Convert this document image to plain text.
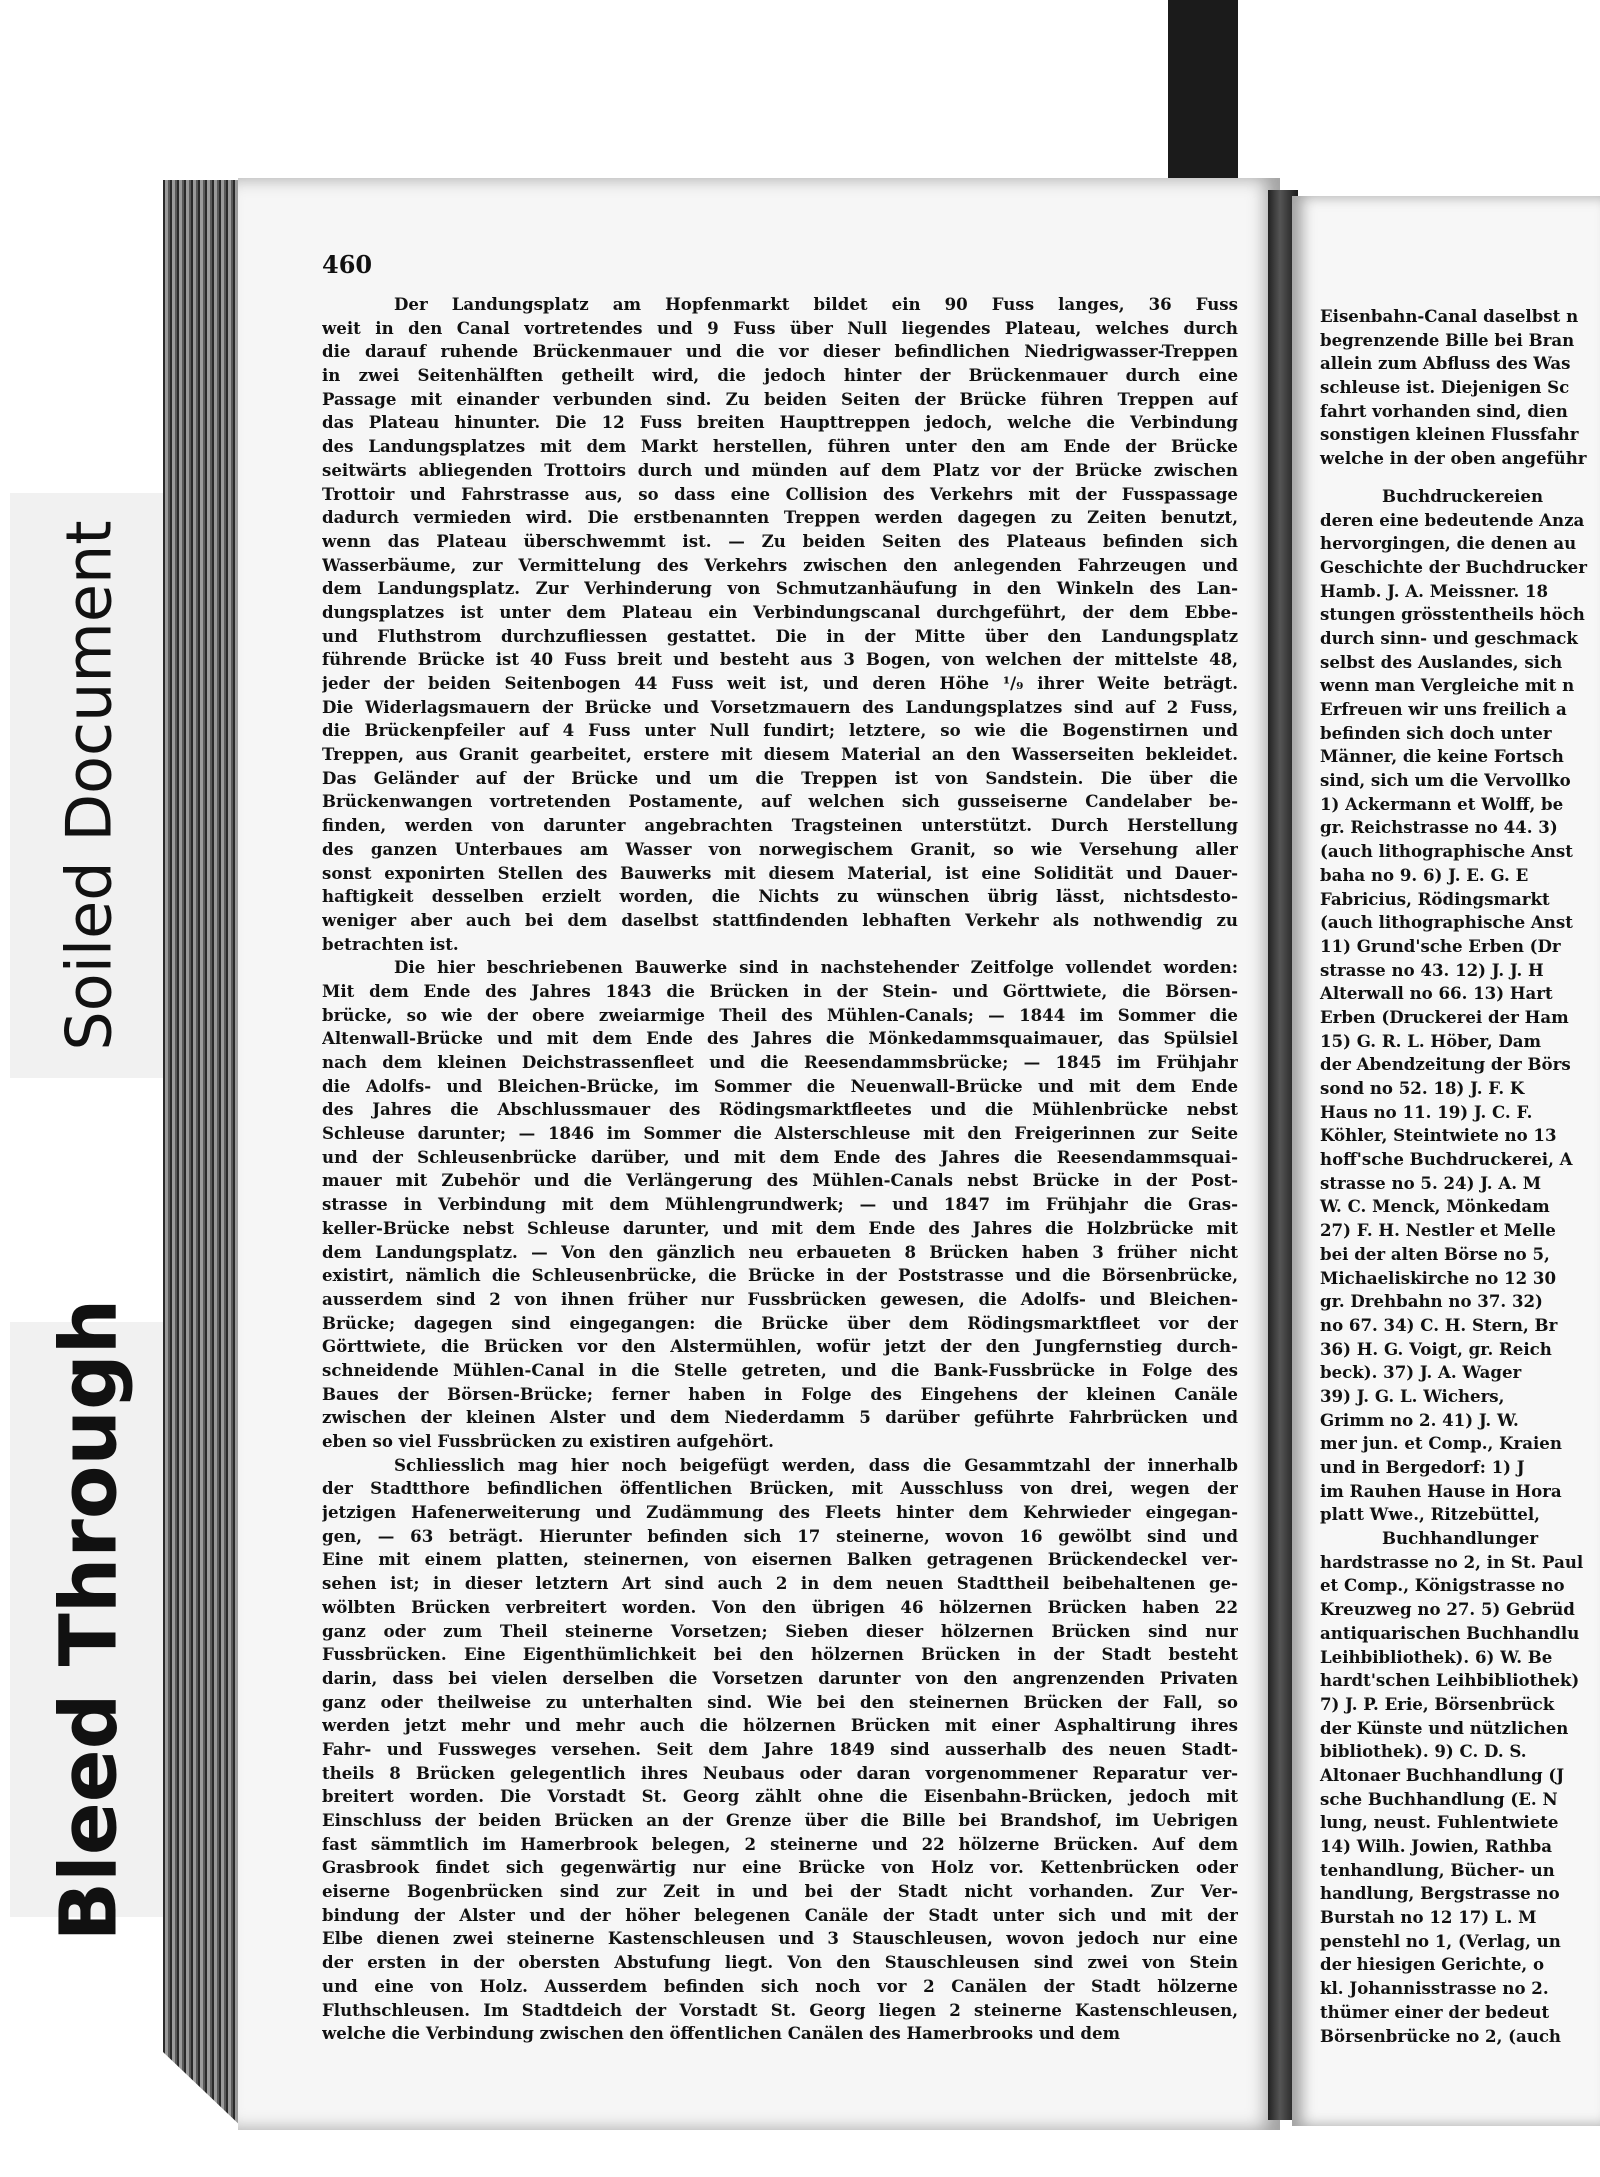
Soiled Document
Bleed Through
460
Der Landungsplatz am Hopfenmarkt bildet ein 90 Fuss langes, 36 Fuss
weit in den Canal vortretendes und 9 Fuss über Null liegendes Plateau, welches durch
die darauf ruhende Brückenmauer und die vor dieser befindlichen Niedrigwasser-Treppen
in zwei Seitenhälften getheilt wird, die jedoch hinter der Brückenmauer durch eine
Passage mit einander verbunden sind. Zu beiden Seiten der Brücke führen Treppen auf
das Plateau hinunter. Die 12 Fuss breiten Haupttreppen jedoch, welche die Verbindung
des Landungsplatzes mit dem Markt herstellen, führen unter den am Ende der Brücke
seitwärts abliegenden Trottoirs durch und münden auf dem Platz vor der Brücke zwischen
Trottoir und Fahrstrasse aus, so dass eine Collision des Verkehrs mit der Fusspassage
dadurch vermieden wird. Die erstbenannten Treppen werden dagegen zu Zeiten benutzt,
wenn das Plateau überschwemmt ist. — Zu beiden Seiten des Plateaus befinden sich
Wasserbäume, zur Vermittelung des Verkehrs zwischen den anlegenden Fahrzeugen und
dem Landungsplatz. Zur Verhinderung von Schmutzanhäufung in den Winkeln des Lan-
dungsplatzes ist unter dem Plateau ein Verbindungscanal durchgeführt, der dem Ebbe-
und Fluthstrom durchzufliessen gestattet. Die in der Mitte über den Landungsplatz
führende Brücke ist 40 Fuss breit und besteht aus 3 Bogen, von welchen der mittelste 48,
jeder der beiden Seitenbogen 44 Fuss weit ist, und deren Höhe ¹/₉ ihrer Weite beträgt.
Die Widerlagsmauern der Brücke und Vorsetzmauern des Landungsplatzes sind auf 2 Fuss,
die Brückenpfeiler auf 4 Fuss unter Null fundirt; letztere, so wie die Bogenstirnen und
Treppen, aus Granit gearbeitet, erstere mit diesem Material an den Wasserseiten bekleidet.
Das Geländer auf der Brücke und um die Treppen ist von Sandstein. Die über die
Brückenwangen vortretenden Postamente, auf welchen sich gusseiserne Candelaber be-
finden, werden von darunter angebrachten Tragsteinen unterstützt. Durch Herstellung
des ganzen Unterbaues am Wasser von norwegischem Granit, so wie Versehung aller
sonst exponirten Stellen des Bauwerks mit diesem Material, ist eine Solidität und Dauer-
haftigkeit desselben erzielt worden, die Nichts zu wünschen übrig lässt, nichtsdesto-
weniger aber auch bei dem daselbst stattfindenden lebhaften Verkehr als nothwendig zu
betrachten ist.
Die hier beschriebenen Bauwerke sind in nachstehender Zeitfolge vollendet worden:
Mit dem Ende des Jahres 1843 die Brücken in der Stein- und Görttwiete, die Börsen-
brücke, so wie der obere zweiarmige Theil des Mühlen-Canals; — 1844 im Sommer die
Altenwall-Brücke und mit dem Ende des Jahres die Mönkedammsquaimauer, das Spülsiel
nach dem kleinen Deichstrassenfleet und die Reesendammsbrücke; — 1845 im Frühjahr
die Adolfs- und Bleichen-Brücke, im Sommer die Neuenwall-Brücke und mit dem Ende
des Jahres die Abschlussmauer des Rödingsmarktfleetes und die Mühlenbrücke nebst
Schleuse darunter; — 1846 im Sommer die Alsterschleuse mit den Freigerinnen zur Seite
und der Schleusenbrücke darüber, und mit dem Ende des Jahres die Reesendammsquai-
mauer mit Zubehör und die Verlängerung des Mühlen-Canals nebst Brücke in der Post-
strasse in Verbindung mit dem Mühlengrundwerk; — und 1847 im Frühjahr die Gras-
keller-Brücke nebst Schleuse darunter, und mit dem Ende des Jahres die Holzbrücke mit
dem Landungsplatz. — Von den gänzlich neu erbaueten 8 Brücken haben 3 früher nicht
existirt, nämlich die Schleusenbrücke, die Brücke in der Poststrasse und die Börsenbrücke,
ausserdem sind 2 von ihnen früher nur Fussbrücken gewesen, die Adolfs- und Bleichen-
Brücke; dagegen sind eingegangen: die Brücke über dem Rödingsmarktfleet vor der
Görttwiete, die Brücken vor den Alstermühlen, wofür jetzt der den Jungfernstieg durch-
schneidende Mühlen-Canal in die Stelle getreten, und die Bank-Fussbrücke in Folge des
Baues der Börsen-Brücke; ferner haben in Folge des Eingehens der kleinen Canäle
zwischen der kleinen Alster und dem Niederdamm 5 darüber geführte Fahrbrücken und
eben so viel Fussbrücken zu existiren aufgehört.
Schliesslich mag hier noch beigefügt werden, dass die Gesammtzahl der innerhalb
der Stadtthore befindlichen öffentlichen Brücken, mit Ausschluss von drei, wegen der
jetzigen Hafenerweiterung und Zudämmung des Fleets hinter dem Kehrwieder eingegan-
gen, — 63 beträgt. Hierunter befinden sich 17 steinerne, wovon 16 gewölbt sind und
Eine mit einem platten, steinernen, von eisernen Balken getragenen Brückendeckel ver-
sehen ist; in dieser letztern Art sind auch 2 in dem neuen Stadttheil beibehaltenen ge-
wölbten Brücken verbreitert worden. Von den übrigen 46 hölzernen Brücken haben 22
ganz oder zum Theil steinerne Vorsetzen; Sieben dieser hölzernen Brücken sind nur
Fussbrücken. Eine Eigenthümlichkeit bei den hölzernen Brücken in der Stadt besteht
darin, dass bei vielen derselben die Vorsetzen darunter von den angrenzenden Privaten
ganz oder theilweise zu unterhalten sind. Wie bei den steinernen Brücken der Fall, so
werden jetzt mehr und mehr auch die hölzernen Brücken mit einer Asphaltirung ihres
Fahr- und Fussweges versehen. Seit dem Jahre 1849 sind ausserhalb des neuen Stadt-
theils 8 Brücken gelegentlich ihres Neubaus oder daran vorgenommener Reparatur ver-
breitert worden. Die Vorstadt St. Georg zählt ohne die Eisenbahn-Brücken, jedoch mit
Einschluss der beiden Brücken an der Grenze über die Bille bei Brandshof, im Uebrigen
fast sämmtlich im Hamerbrook belegen, 2 steinerne und 22 hölzerne Brücken. Auf dem
Grasbrook findet sich gegenwärtig nur eine Brücke von Holz vor. Kettenbrücken oder
eiserne Bogenbrücken sind zur Zeit in und bei der Stadt nicht vorhanden. Zur Ver-
bindung der Alster und der höher belegenen Canäle der Stadt unter sich und mit der
Elbe dienen zwei steinerne Kastenschleusen und 3 Stauschleusen, wovon jedoch nur eine
der ersten in der obersten Abstufung liegt. Von den Stauschleusen sind zwei von Stein
und eine von Holz. Ausserdem befinden sich noch vor 2 Canälen der Stadt hölzerne
Fluthschleusen. Im Stadtdeich der Vorstadt St. Georg liegen 2 steinerne Kastenschleusen,
welche die Verbindung zwischen den öffentlichen Canälen des Hamerbrooks und dem
Eisenbahn-Canal daselbst n
begrenzende Bille bei Bran
allein zum Abfluss des Was
schleuse ist. Diejenigen Sc
fahrt vorhanden sind, dien
sonstigen kleinen Flussfahr
welche in der oben angeführ
Buchdruckereien
deren eine bedeutende Anza
hervorgingen, die denen au
Geschichte der Buchdrucker
Hamb. J. A. Meissner. 18
stungen grösstentheils höch
durch sinn- und geschmack
selbst des Auslandes, sich
wenn man Vergleiche mit n
Erfreuen wir uns freilich a
befinden sich doch unter
Männer, die keine Fortsch
sind, sich um die Vervollko
1) Ackermann et Wolff, be
gr. Reichstrasse no 44. 3)
(auch lithographische Anst
baha no 9. 6) J. E. G. E
Fabricius, Rödingsmarkt
(auch lithographische Anst
11) Grund'sche Erben (Dr
strasse no 43. 12) J. J. H
Alterwall no 66. 13) Hart
Erben (Druckerei der Ham
15) G. R. L. Höber, Dam
der Abendzeitung der Börs
sond no 52. 18) J. F. K
Haus no 11. 19) J. C. F.
Köhler, Steintwiete no 13
hoff'sche Buchdruckerei, A
strasse no 5. 24) J. A. M
W. C. Menck, Mönkedam
27) F. H. Nestler et Melle
bei der alten Börse no 5,
Michaeliskirche no 12 30
gr. Drehbahn no 37. 32)
no 67. 34) C. H. Stern, Br
36) H. G. Voigt, gr. Reich
beck). 37) J. A. Wager
39) J. G. L. Wichers,
Grimm no 2. 41) J. W.
mer jun. et Comp., Kraien
und in Bergedorf: 1) J
im Rauhen Hause in Hora
platt Wwe., Ritzebüttel,
Buchhandlunger
hardstrasse no 2, in St. Paul
et Comp., Königstrasse no
Kreuzweg no 27. 5) Gebrüd
antiquarischen Buchhandlu
Leihbibliothek). 6) W. Be
hardt'schen Leihbibliothek)
7) J. P. Erie, Börsenbrück
der Künste und nützlichen
bibliothek). 9) C. D. S.
Altonaer Buchhandlung (J
sche Buchhandlung (E. N
lung, neust. Fuhlentwiete
14) Wilh. Jowien, Rathba
tenhandlung, Bücher- un
handlung, Bergstrasse no
Burstah no 12 17) L. M
penstehl no 1, (Verlag, un
der hiesigen Gerichte, o
kl. Johannisstrasse no 2.
thümer einer der bedeut
Börsenbrücke no 2, (auch
